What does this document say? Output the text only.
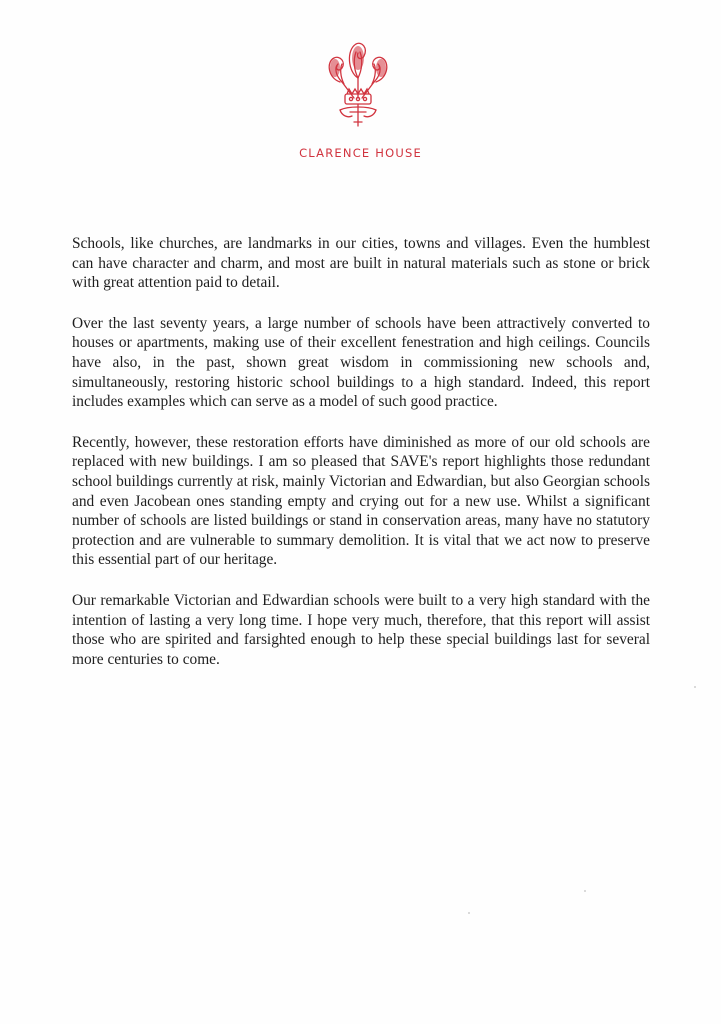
CLARENCE HOUSE

Schools, like churches, are landmarks in our cities, towns and villages. Even the humblest can have character and charm, and most are built in natural materials such as stone or brick with great attention paid to detail.

Over the last seventy years, a large number of schools have been attractively converted to houses or apartments, making use of their excellent fenestration and high ceilings. Councils have also, in the past, shown great wisdom in commissioning new schools and, simultaneously, restoring historic school buildings to a high standard. Indeed, this report includes examples which can serve as a model of such good practice.

Recently, however, these restoration efforts have diminished as more of our old schools are replaced with new buildings. I am so pleased that SAVE's report highlights those redundant school buildings currently at risk, mainly Victorian and Edwardian, but also Georgian schools and even Jacobean ones standing empty and crying out for a new use. Whilst a significant number of schools are listed buildings or stand in conservation areas, many have no statutory protection and are vulnerable to summary demolition. It is vital that we act now to preserve this essential part of our heritage.

Our remarkable Victorian and Edwardian schools were built to a very high standard with the intention of lasting a very long time. I hope very much, therefore, that this report will assist those who are spirited and farsighted enough to help these special buildings last for several more centuries to come.
